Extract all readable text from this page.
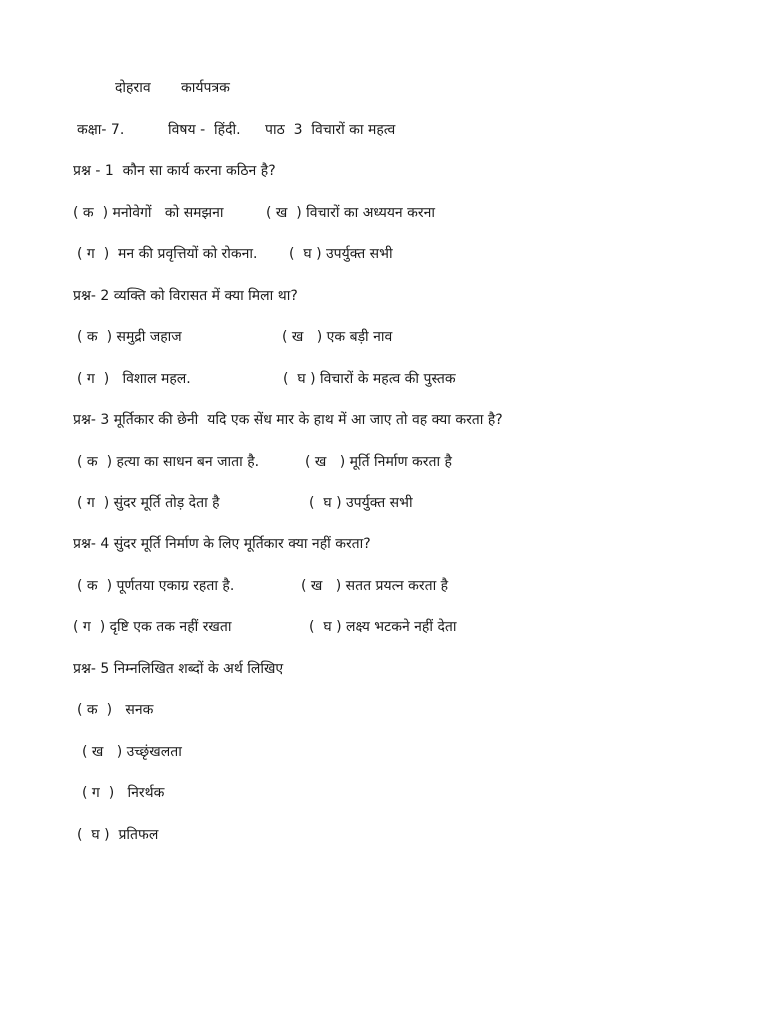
दोहराव कार्यपत्रक
कक्षा- 7.	विषय -  हिंदी. पाठ  3  विचारों का महत्व
प्रश्न - 1  कौन सा कार्य करना कठिन है?
( क  ) मनोवेगों   को समझना	( ख  ) विचारों का अध्ययन करना
( ग  )  मन की प्रवृत्तियों को रोकना. (  घ ) उपर्युक्त सभी
प्रश्न- 2 व्यक्ति को विरासत में क्या मिला था?
( क  ) समुद्री जहाज	( ख   ) एक बड़ी नाव
( ग  )   विशाल महल.	(  घ ) विचारों के महत्व की पुस्तक
प्रश्न- 3 मूर्तिकार की छेनी  यदि एक सेंध मार के हाथ में आ जाए तो वह क्या करता है?
( क  ) हत्या का साधन बन जाता है.	( ख   ) मूर्ति निर्माण करता है
( ग  ) सुंदर मूर्ति तोड़ देता है	(  घ ) उपर्युक्त सभी
प्रश्न- 4 सुंदर मूर्ति निर्माण के लिए मूर्तिकार क्या नहीं करता?
( क  ) पूर्णतया एकाग्र रहता है.	( ख   ) सतत प्रयत्न करता है
( ग  ) दृष्टि एक तक नहीं रखता	(  घ ) लक्ष्य भटकने नहीं देता
प्रश्न- 5 निम्नलिखित शब्दों के अर्थ लिखिए
( क  )   सनक
( ख   ) उच्छृंखलता
( ग  )   निरर्थक
(  घ )  प्रतिफल
